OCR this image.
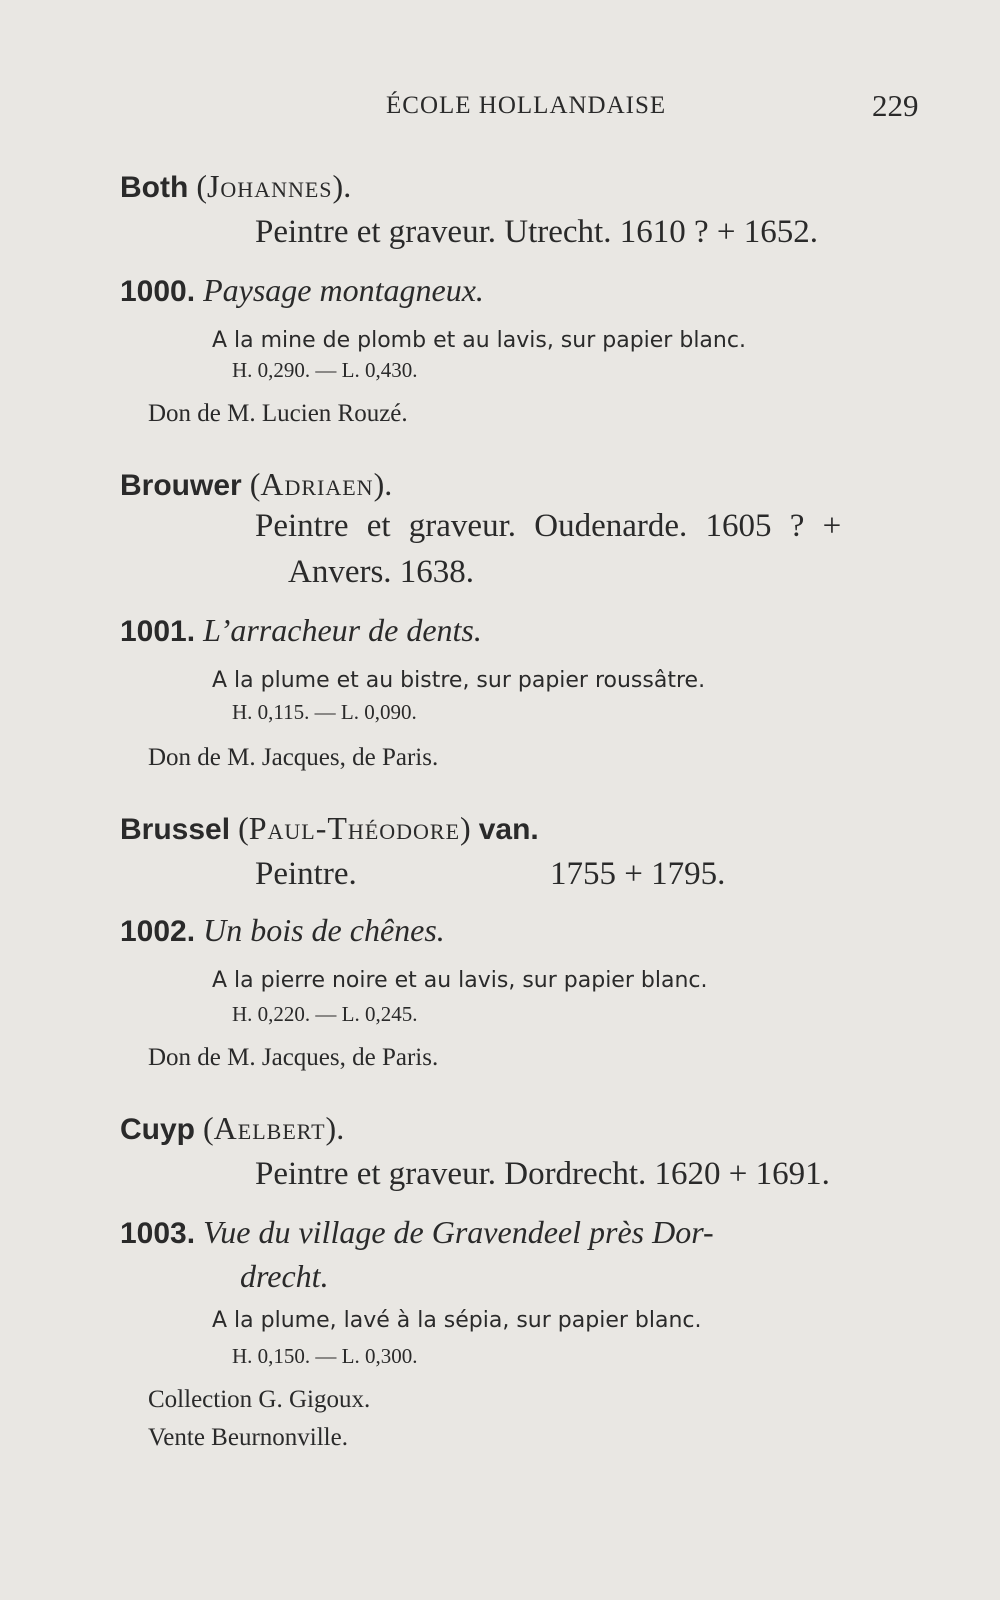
ÉCOLE HOLLANDAISE	229
Both (Johannes).
Peintre et graveur. Utrecht. 1610 ? + 1652.
1000. Paysage montagneux.
A la mine de plomb et au lavis, sur papier blanc.
H. 0,290. — L. 0,430.
Don de M. Lucien Rouzé.
Brouwer (Adriaen).
Peintre et graveur. Oudenarde. 1605 ? +
Anvers. 1638.
1001. L’arracheur de dents.
A la plume et au bistre, sur papier roussâtre.
H. 0,115. — L. 0,090.
Don de M. Jacques, de Paris.
Brussel (Paul-Théodore) van.
Peintre.	1755 + 1795.
1002. Un bois de chênes.
A la pierre noire et au lavis, sur papier blanc.
H. 0,220. — L. 0,245.
Don de M. Jacques, de Paris.
Cuyp (Aelbert).
Peintre et graveur. Dordrecht. 1620 + 1691.
1003. Vue du village de Gravendeel près Dor-
drecht.
A la plume, lavé à la sépia, sur papier blanc.
H. 0,150. — L. 0,300.
Collection G. Gigoux.
Vente Beurnonville.
